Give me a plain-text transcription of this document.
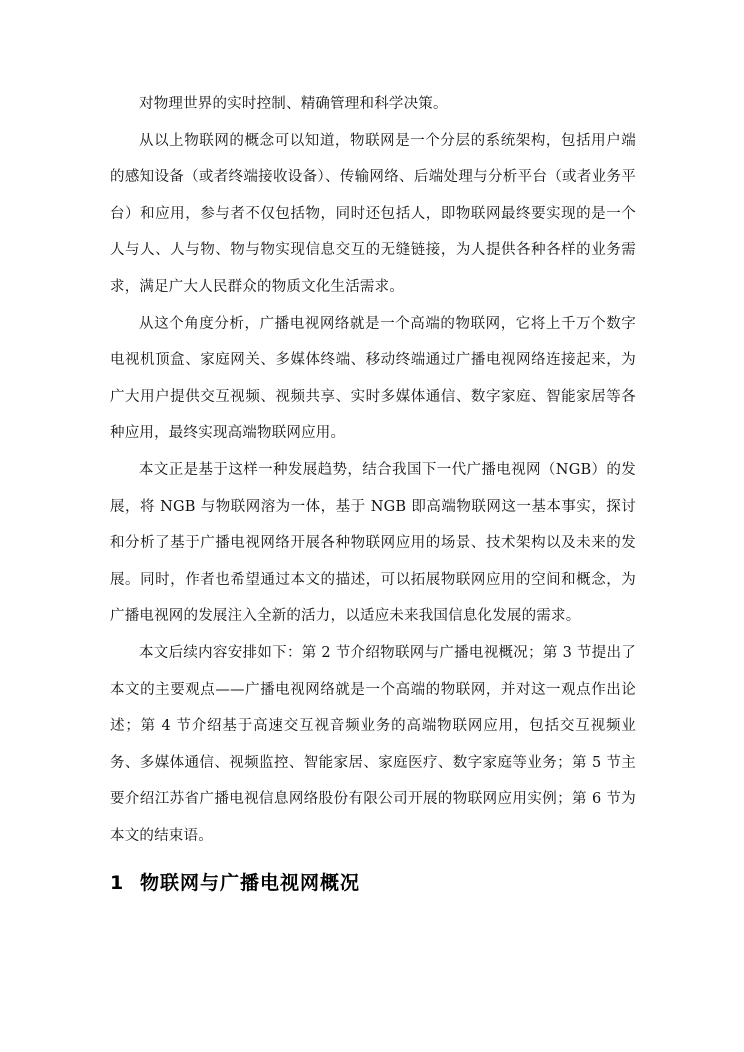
对物理世界的实时控制、精确管理和科学决策。

从以上物联网的概念可以知道，物联网是一个分层的系统架构，包括用户端的感知设备（或者终端接收设备）、传输网络、后端处理与分析平台（或者业务平台）和应用，参与者不仅包括物，同时还包括人，即物联网最终要实现的是一个人与人、人与物、物与物实现信息交互的无缝链接，为人提供各种各样的业务需求，满足广大人民群众的物质文化生活需求。

从这个角度分析，广播电视网络就是一个高端的物联网，它将上千万个数字电视机顶盒、家庭网关、多媒体终端、移动终端通过广播电视网络连接起来，为广大用户提供交互视频、视频共享、实时多媒体通信、数字家庭、智能家居等各种应用，最终实现高端物联网应用。

本文正是基于这样一种发展趋势，结合我国下一代广播电视网（NGB）的发展，将 NGB 与物联网溶为一体，基于 NGB 即高端物联网这一基本事实，探讨和分析了基于广播电视网络开展各种物联网应用的场景、技术架构以及未来的发展。同时，作者也希望通过本文的描述，可以拓展物联网应用的空间和概念，为广播电视网的发展注入全新的活力，以适应未来我国信息化发展的需求。

本文后续内容安排如下：第 2 节介绍物联网与广播电视概况；第 3 节提出了本文的主要观点——广播电视网络就是一个高端的物联网，并对这一观点作出论述；第 4 节介绍基于高速交互视音频业务的高端物联网应用，包括交互视频业务、多媒体通信、视频监控、智能家居、家庭医疗、数字家庭等业务；第 5 节主要介绍江苏省广播电视信息网络股份有限公司开展的物联网应用实例；第 6 节为本文的结束语。

1 物联网与广播电视网概况
